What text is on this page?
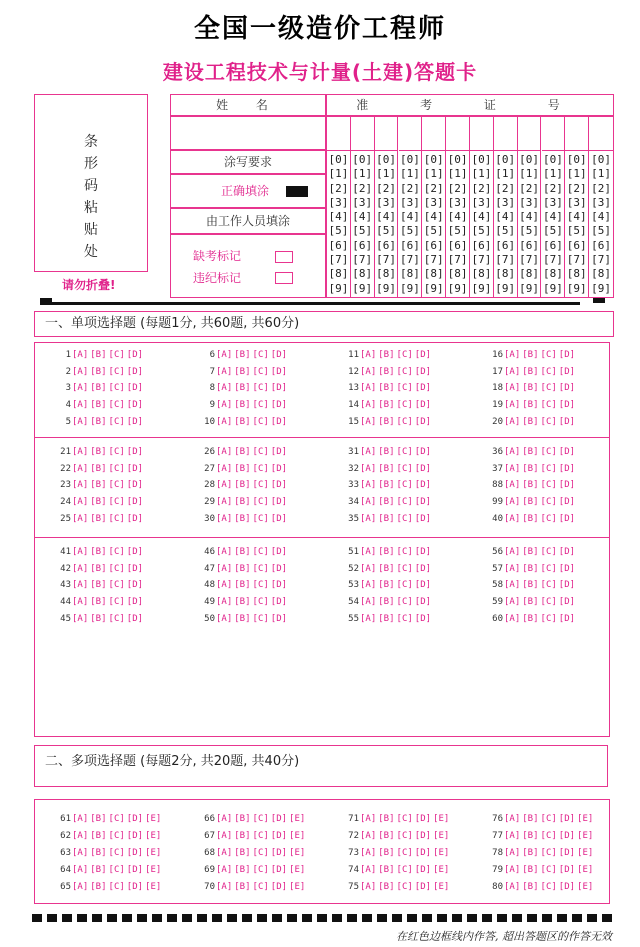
全国一级造价工程师
建设工程技术与计量(土建)答题卡
条
形
码
粘
贴
处
请勿折叠!
姓 名
涂写要求
正确填涂
由工作人员填涂
缺考标记
违纪标记
准 考 证 号
[0]
[1]
[2]
[3]
[4]
[5]
[6]
[7]
[8]
[9]
[0]
[1]
[2]
[3]
[4]
[5]
[6]
[7]
[8]
[9]
[0]
[1]
[2]
[3]
[4]
[5]
[6]
[7]
[8]
[9]
[0]
[1]
[2]
[3]
[4]
[5]
[6]
[7]
[8]
[9]
[0]
[1]
[2]
[3]
[4]
[5]
[6]
[7]
[8]
[9]
[0]
[1]
[2]
[3]
[4]
[5]
[6]
[7]
[8]
[9]
[0]
[1]
[2]
[3]
[4]
[5]
[6]
[7]
[8]
[9]
[0]
[1]
[2]
[3]
[4]
[5]
[6]
[7]
[8]
[9]
[0]
[1]
[2]
[3]
[4]
[5]
[6]
[7]
[8]
[9]
[0]
[1]
[2]
[3]
[4]
[5]
[6]
[7]
[8]
[9]
[0]
[1]
[2]
[3]
[4]
[5]
[6]
[7]
[8]
[9]
[0]
[1]
[2]
[3]
[4]
[5]
[6]
[7]
[8]
[9]
一、单项选择题 (每题1分, 共60题, 共60分)
1[A] [B] [C] [D]
2[A] [B] [C] [D]
3[A] [B] [C] [D]
4[A] [B] [C] [D]
5[A] [B] [C] [D]
6[A] [B] [C] [D]
7[A] [B] [C] [D]
8[A] [B] [C] [D]
9[A] [B] [C] [D]
10[A] [B] [C] [D]
11[A] [B] [C] [D]
12[A] [B] [C] [D]
13[A] [B] [C] [D]
14[A] [B] [C] [D]
15[A] [B] [C] [D]
16[A] [B] [C] [D]
17[A] [B] [C] [D]
18[A] [B] [C] [D]
19[A] [B] [C] [D]
20[A] [B] [C] [D]
21[A] [B] [C] [D]
22[A] [B] [C] [D]
23[A] [B] [C] [D]
24[A] [B] [C] [D]
25[A] [B] [C] [D]
26[A] [B] [C] [D]
27[A] [B] [C] [D]
28[A] [B] [C] [D]
29[A] [B] [C] [D]
30[A] [B] [C] [D]
31[A] [B] [C] [D]
32[A] [B] [C] [D]
33[A] [B] [C] [D]
34[A] [B] [C] [D]
35[A] [B] [C] [D]
36[A] [B] [C] [D]
37[A] [B] [C] [D]
88[A] [B] [C] [D]
99[A] [B] [C] [D]
40[A] [B] [C] [D]
41[A] [B] [C] [D]
42[A] [B] [C] [D]
43[A] [B] [C] [D]
44[A] [B] [C] [D]
45[A] [B] [C] [D]
46[A] [B] [C] [D]
47[A] [B] [C] [D]
48[A] [B] [C] [D]
49[A] [B] [C] [D]
50[A] [B] [C] [D]
51[A] [B] [C] [D]
52[A] [B] [C] [D]
53[A] [B] [C] [D]
54[A] [B] [C] [D]
55[A] [B] [C] [D]
56[A] [B] [C] [D]
57[A] [B] [C] [D]
58[A] [B] [C] [D]
59[A] [B] [C] [D]
60[A] [B] [C] [D]
二、多项选择题 (每题2分, 共20题, 共40分)
61[A] [B] [C] [D] [E]
62[A] [B] [C] [D] [E]
63[A] [B] [C] [D] [E]
64[A] [B] [C] [D] [E]
65[A] [B] [C] [D] [E]
66[A] [B] [C] [D] [E]
67[A] [B] [C] [D] [E]
68[A] [B] [C] [D] [E]
69[A] [B] [C] [D] [E]
70[A] [B] [C] [D] [E]
71[A] [B] [C] [D] [E]
72[A] [B] [C] [D] [E]
73[A] [B] [C] [D] [E]
74[A] [B] [C] [D] [E]
75[A] [B] [C] [D] [E]
76[A] [B] [C] [D] [E]
77[A] [B] [C] [D] [E]
78[A] [B] [C] [D] [E]
79[A] [B] [C] [D] [E]
80[A] [B] [C] [D] [E]
在红色边框线内作答, 超出答题区的作答无效
